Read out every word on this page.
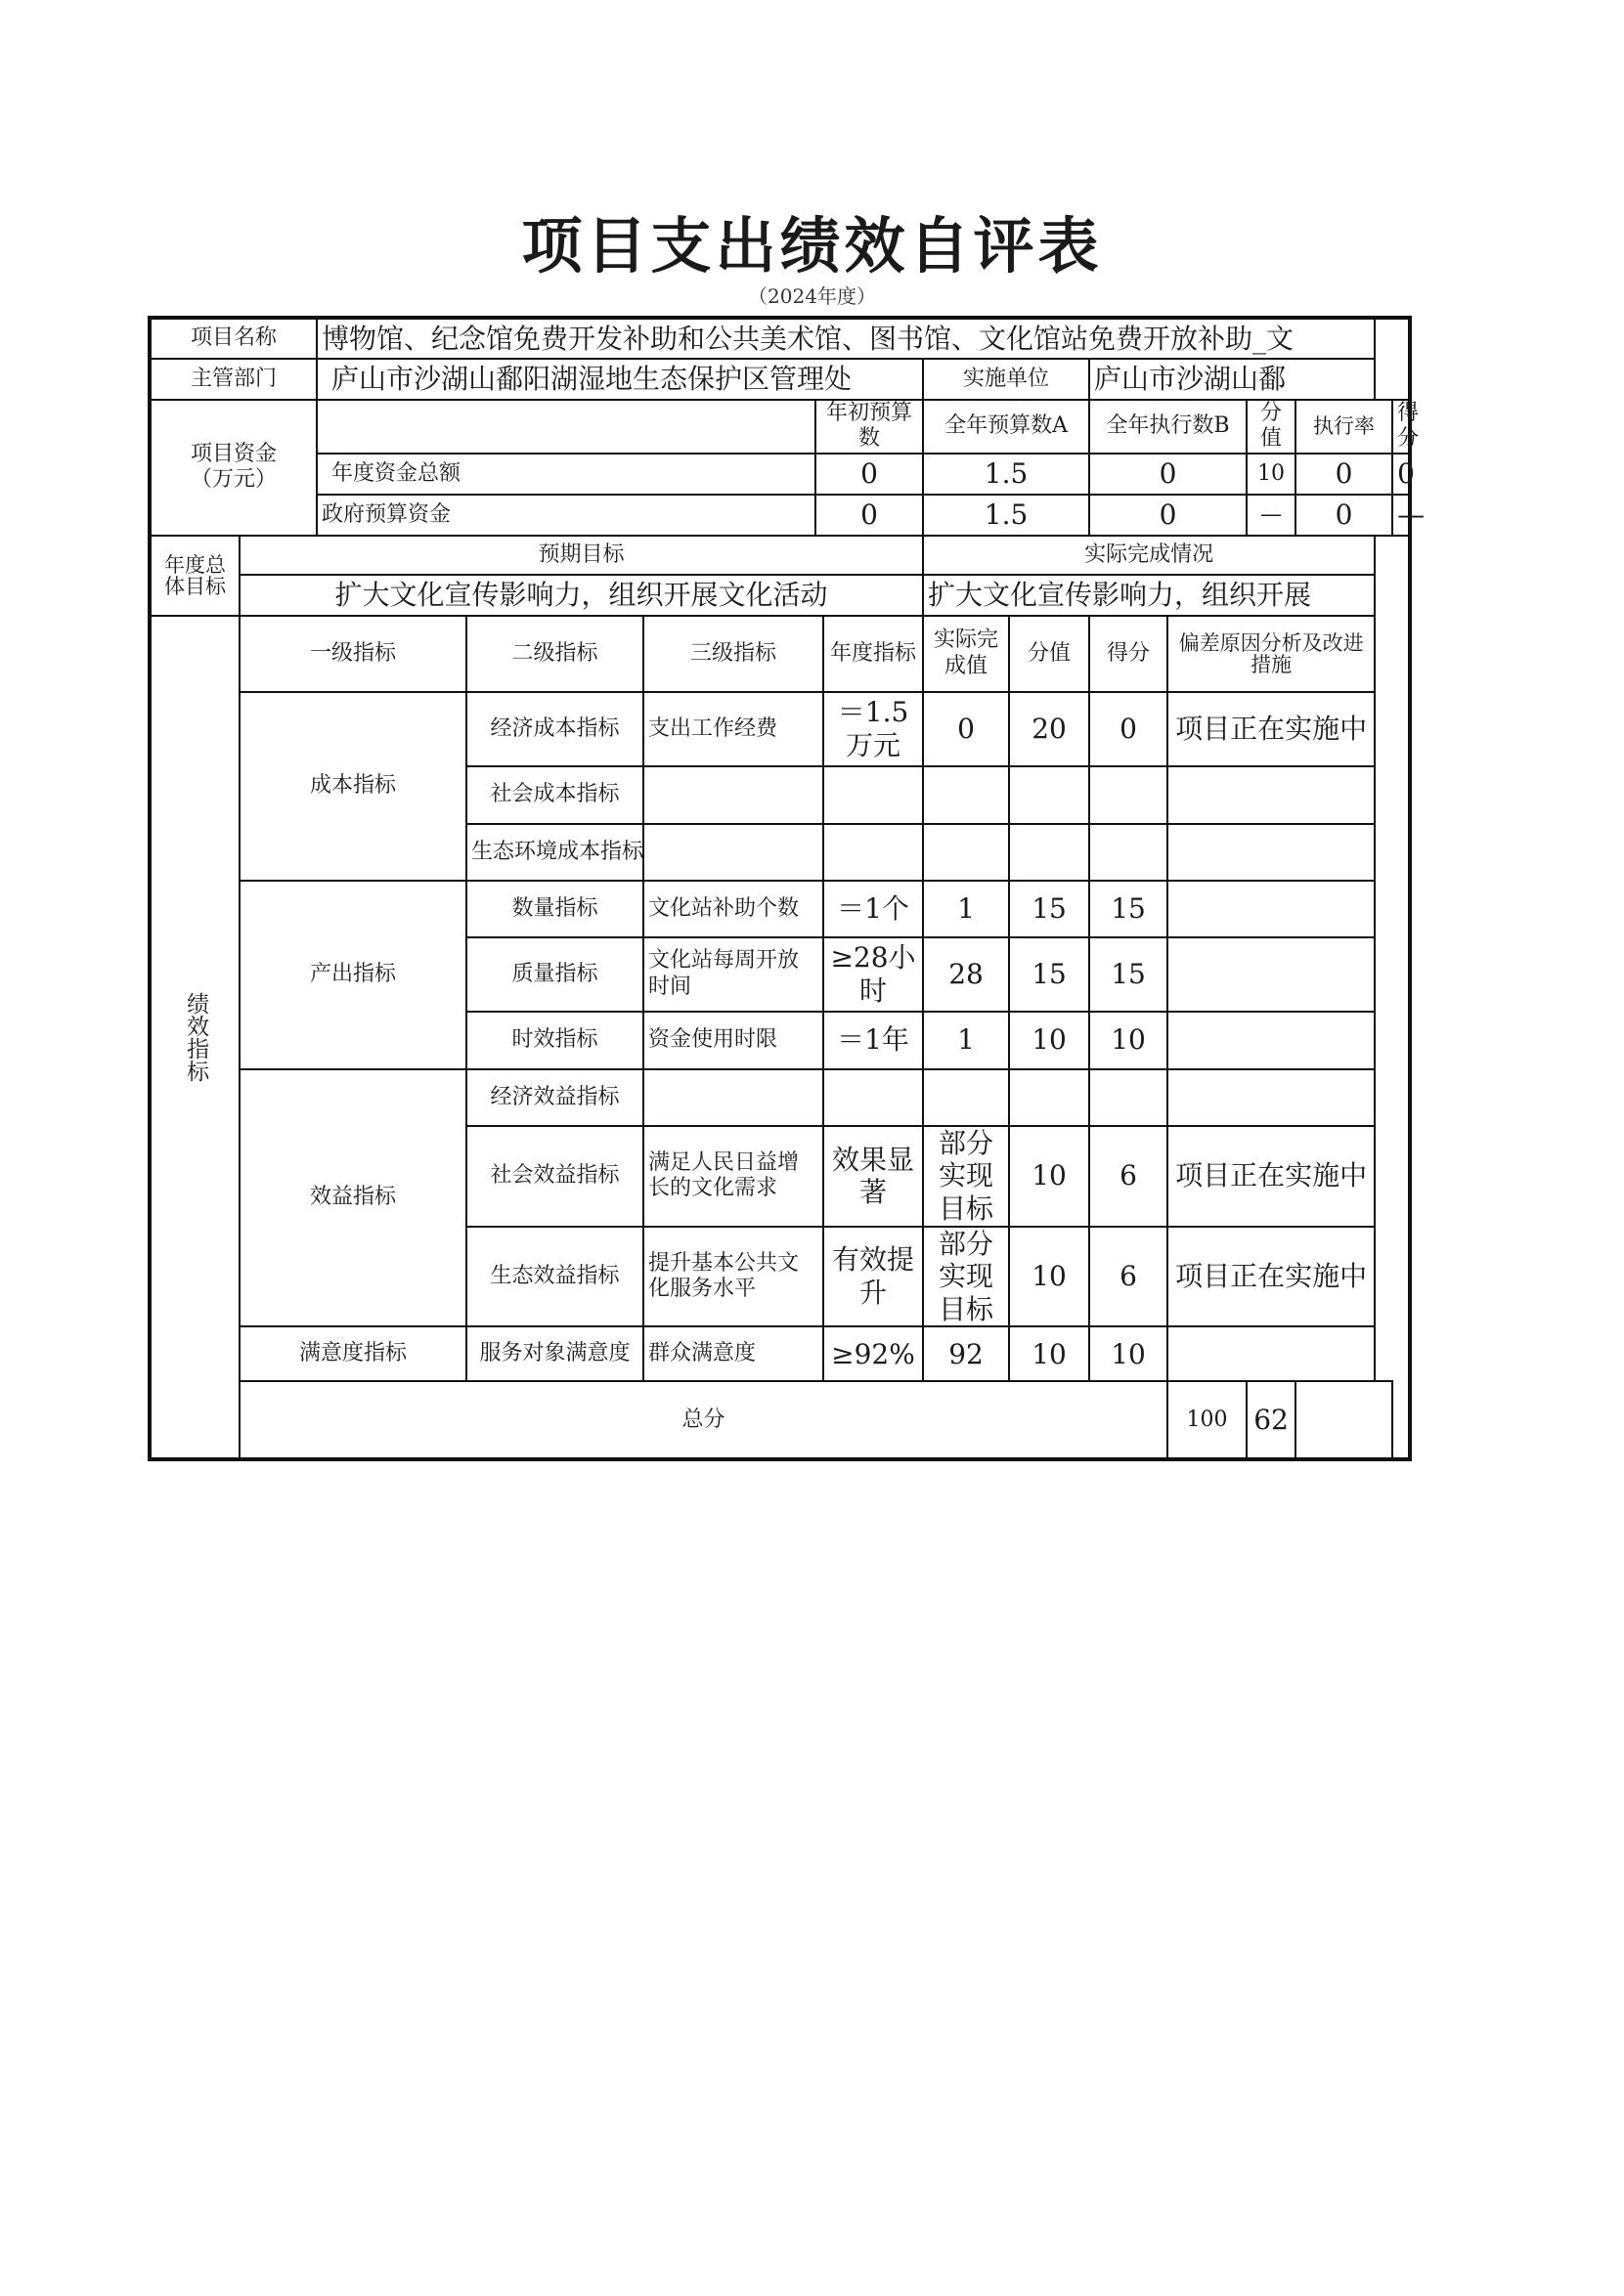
项目支出绩效自评表
（2024年度）
项目名称		博物馆、纪念馆免费开发补助和公共美术馆、图书馆、文化馆站免费开放补助_文											
主管部门		庐山市沙湖山鄱阳湖湿地生态保护区管理处					实施单位		庐山市沙湖山鄱				
项目资金
（万元）					年初预算数		全年预算数A		全年执行数B		分值	执行率	得分
		年度资金总额			0		1.5		0		10	0	0
		政府预算资金			0		1.5		0		—	0	—
年度总体目标	预期目标						实际完成情况						
	扩大文化宣传影响力，组织开展文化活动						扩大文化宣传影响力，组织开展						
绩效指标	一级指标		二级指标	三级指标		年度指标	实际完成值	分值	得分	偏差原因分析及改进措施			
	成本指标		经济成本指标	支出工作经费		＝1.5万元	0	20	0	项目正在实施中			
			社会成本指标										
			生态环境成本指标										
	产出指标		数量指标	文化站补助个数		＝1个	1	15	15				
			质量指标	文化站每周开放时间		≥28小时	28	15	15				
			时效指标	资金使用时限		＝1年	1	10	10				
	效益指标		经济效益指标										
			社会效益指标	满足人民日益增长的文化需求		效果显著	部分实现目标	10	6	项目正在实施中			
			生态效益指标	提升基本公共文化服务水平		有效提升	部分实现目标	10	6	项目正在实施中			
	满意度指标		服务对象满意度	群众满意度		≥92%	92	10	10				
	总分									100	62		
